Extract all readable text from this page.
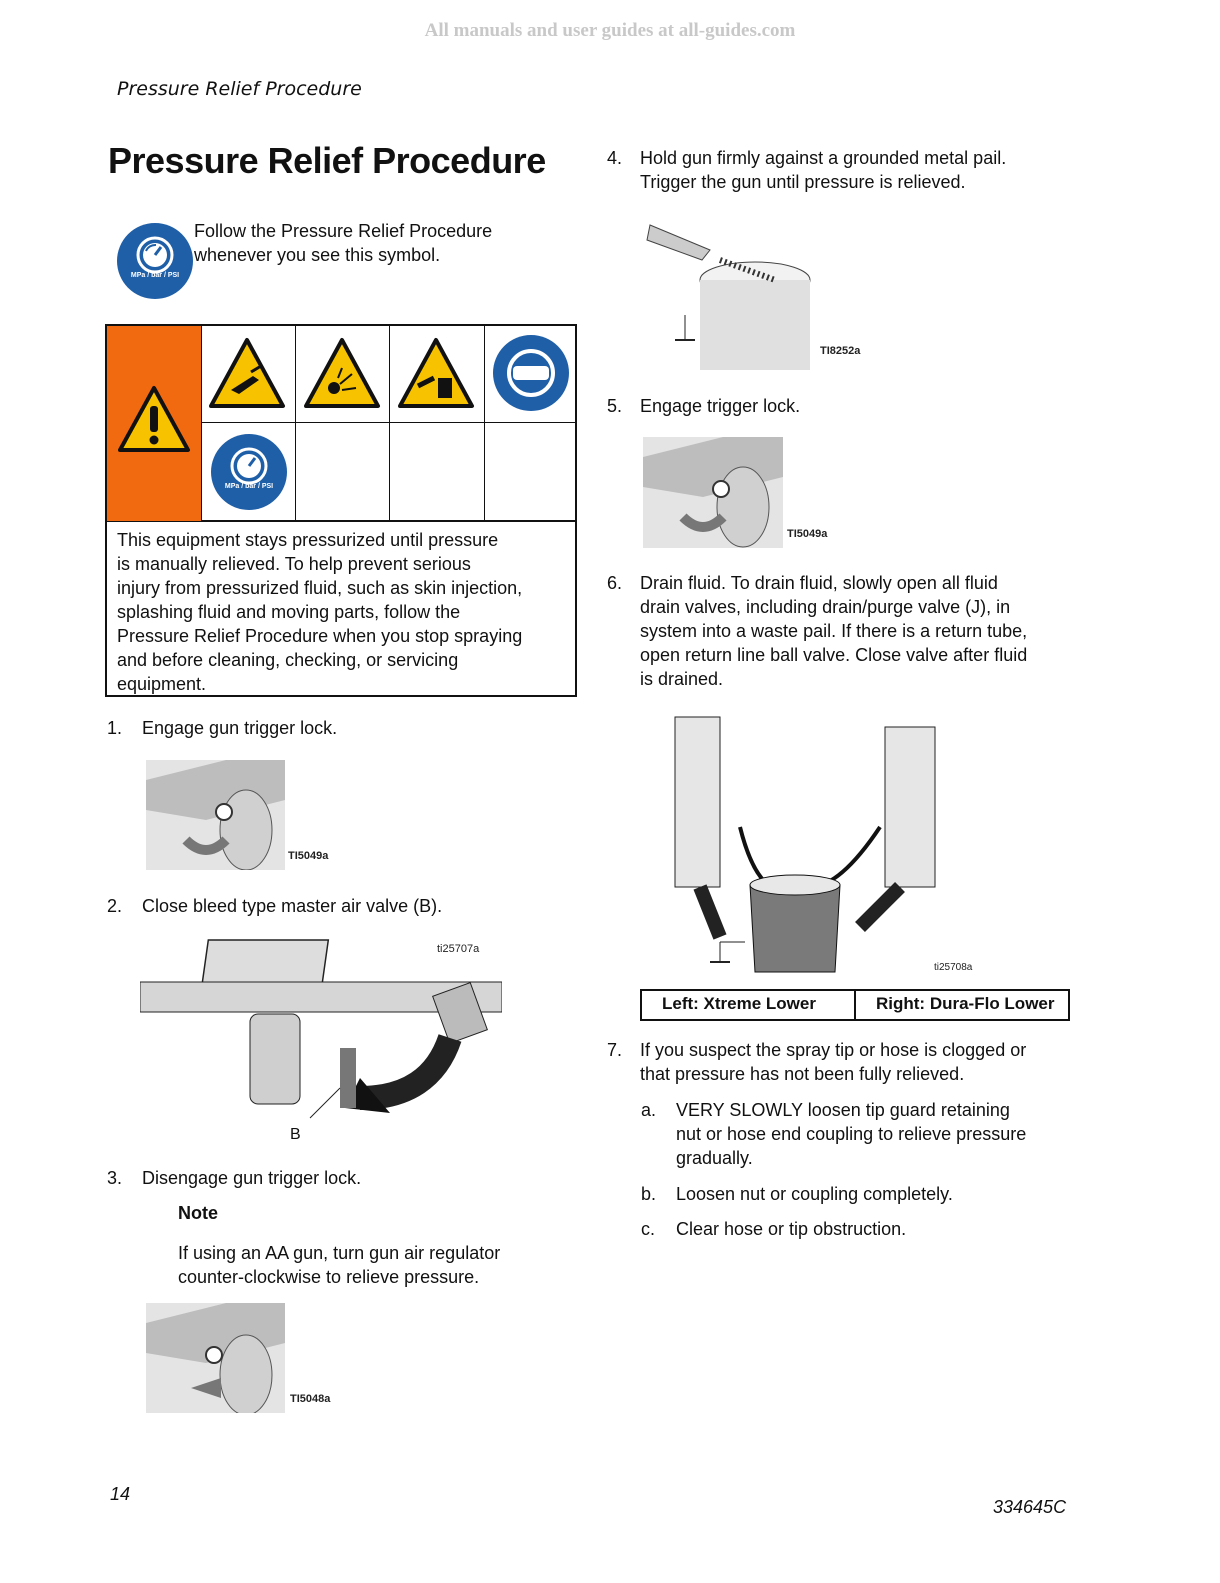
All manuals and user guides at all-guides.com
Pressure Relief Procedure
Pressure Relief Procedure
MPa / bar / PSI
Follow the Pressure Relief Procedure
whenever you see this symbol.
MPa / bar / PSI
This equipment stays pressurized until pressure
is manually relieved. To help prevent serious
injury from pressurized fluid, such as skin injection,
splashing fluid and moving parts, follow the
Pressure Relief Procedure when you stop spraying
and before cleaning, checking, or servicing
equipment.
1. Engage gun trigger lock.
TI5049a
2. Close bleed type master air valve (B).
ti25707a
B
3. Disengage gun trigger lock.
Note
If using an AA gun, turn gun air regulator
counter-clockwise to relieve pressure.
TI5048a
4. Hold gun firmly against a grounded metal pail.
Trigger the gun until pressure is relieved.
TI8252a
5. Engage trigger lock.
TI5049a
6. Drain fluid. To drain fluid, slowly open all fluid
drain valves, including drain/purge valve (J), in
system into a waste pail. If there is a return tube,
open return line ball valve. Close valve after fluid
is drained.
ti25708a
Left: Xtreme Lower	Right: Dura-Flo Lower
7. If you suspect the spray tip or hose is clogged or
that pressure has not been fully relieved.
a. VERY SLOWLY loosen tip guard retaining
nut or hose end coupling to relieve pressure
gradually.
b. Loosen nut or coupling completely.
c. Clear hose or tip obstruction.
14
334645C
